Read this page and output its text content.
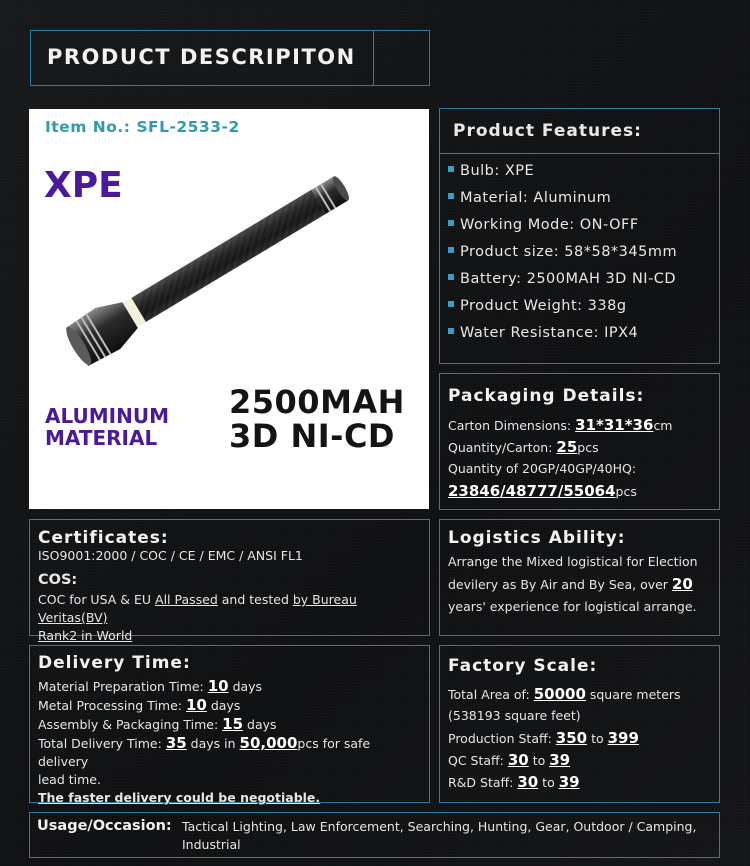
PRODUCT DESCRIPITON
Item No.: SFL-2533-2
XPE
ALUMINUM
MATERIAL
2500MAH
3D NI-CD
Product Features:
Bulb: XPE
Material: Aluminum
Working Mode: ON-OFF
Product size: 58*58*345mm
Battery: 2500MAH 3D NI-CD
Product Weight: 338g
Water Resistance: IPX4
Packaging Details:
Carton Dimensions: 31*31*36cm
Quantity/Carton: 25pcs
Quantity of 20GP/40GP/40HQ:
23846/48777/55064pcs
Certificates:
ISO9001:2000 / COC / CE / EMC / ANSI FL1
COS:
COC for USA & EU All Passed and tested by Bureau Veritas(BV)
Rank2 in World
Logistics Ability:
Arrange the Mixed logistical for Election
devilery as By Air and By Sea, over 20
years' experience for logistical arrange.
Delivery Time:
Material Preparation Time: 10 days
Metal Processing Time: 10 days
Assembly & Packaging Time: 15 days
Total Delivery Time: 35 days in 50,000pcs for safe delivery
lead time.
The faster delivery could be negotiable.
Factory Scale:
Total Area of: 50000 square meters
(538193 square feet)
Production Staff: 350 to 399
QC Staff: 30 to 39
R&D Staff: 30 to 39
Usage/Occasion: Tactical Lighting, Law Enforcement, Searching, Hunting, Gear, Outdoor / Camping,
Industrial
